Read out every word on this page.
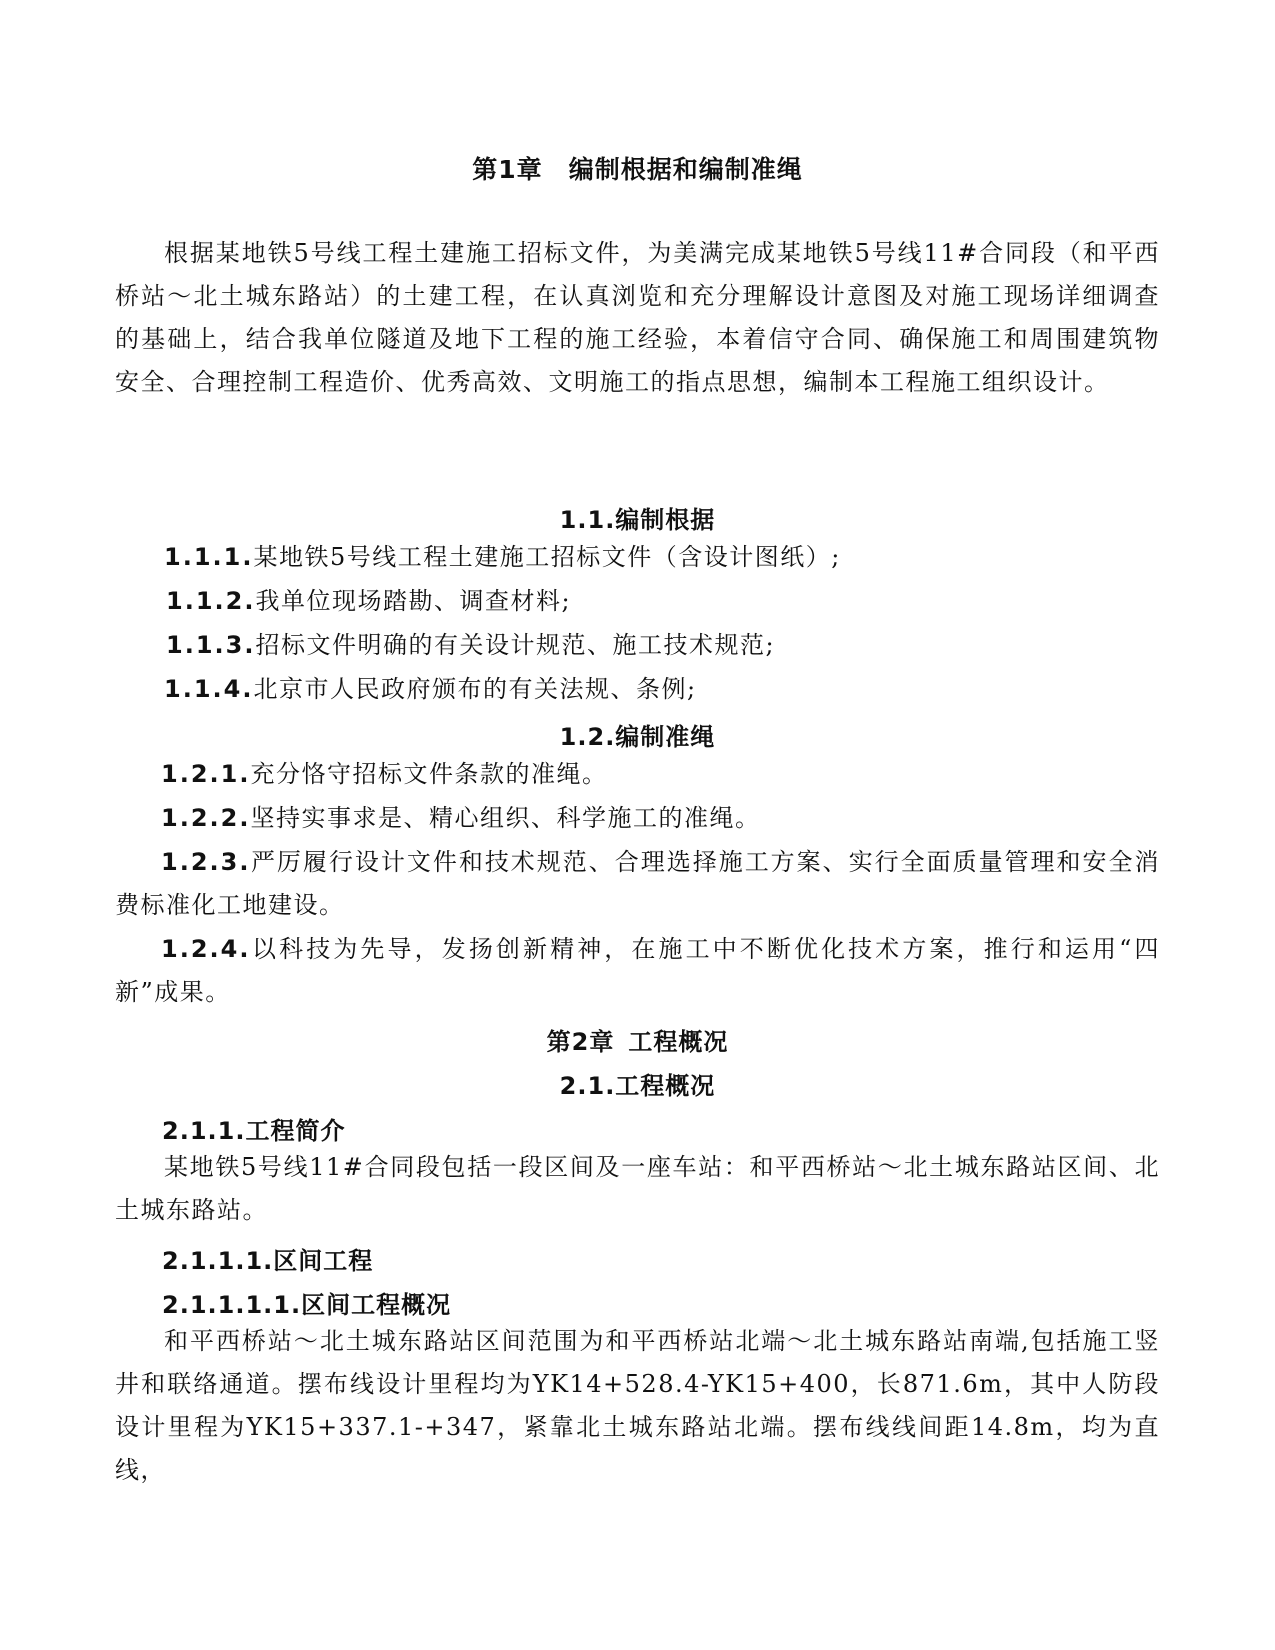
第1章 编制根据和编制准绳
根据某地铁5号线工程土建施工招标文件，为美满完成某地铁5号线11#合同段（和平西桥站～北土城东路站）的土建工程，在认真浏览和充分理解设计意图及对施工现场详细调查的基础上，结合我单位隧道及地下工程的施工经验，本着信守合同、确保施工和周围建筑物安全、合理控制工程造价、优秀高效、文明施工的指点思想，编制本工程施工组织设计。
1.1.编制根据
1.1.1.某地铁5号线工程土建施工招标文件（含设计图纸）;
1.1.2.我单位现场踏勘、调查材料;
1.1.3.招标文件明确的有关设计规范、施工技术规范;
1.1.4.北京市人民政府颁布的有关法规、条例;
1.2.编制准绳
1.2.1.充分恪守招标文件条款的准绳。
1.2.2.坚持实事求是、精心组织、科学施工的准绳。
1.2.3.严厉履行设计文件和技术规范、合理选择施工方案、实行全面质量管理和安全消费标准化工地建设。
1.2.4.以科技为先导，发扬创新精神，在施工中不断优化技术方案，推行和运用“四新”成果。
第2章 工程概况
2.1.工程概况
2.1.1.工程简介
某地铁5号线11#合同段包括一段区间及一座车站：和平西桥站～北土城东路站区间、北土城东路站。
2.1.1.1.区间工程
2.1.1.1.1.区间工程概况
和平西桥站～北土城东路站区间范围为和平西桥站北端～北土城东路站南端,包括施工竖井和联络通道。摆布线设计里程均为YK14+528.4-YK15+400，长871.6m，其中人防段设计里程为YK15+337.1-+347，紧靠北土城东路站北端。摆布线线间距14.8m，均为直线，
